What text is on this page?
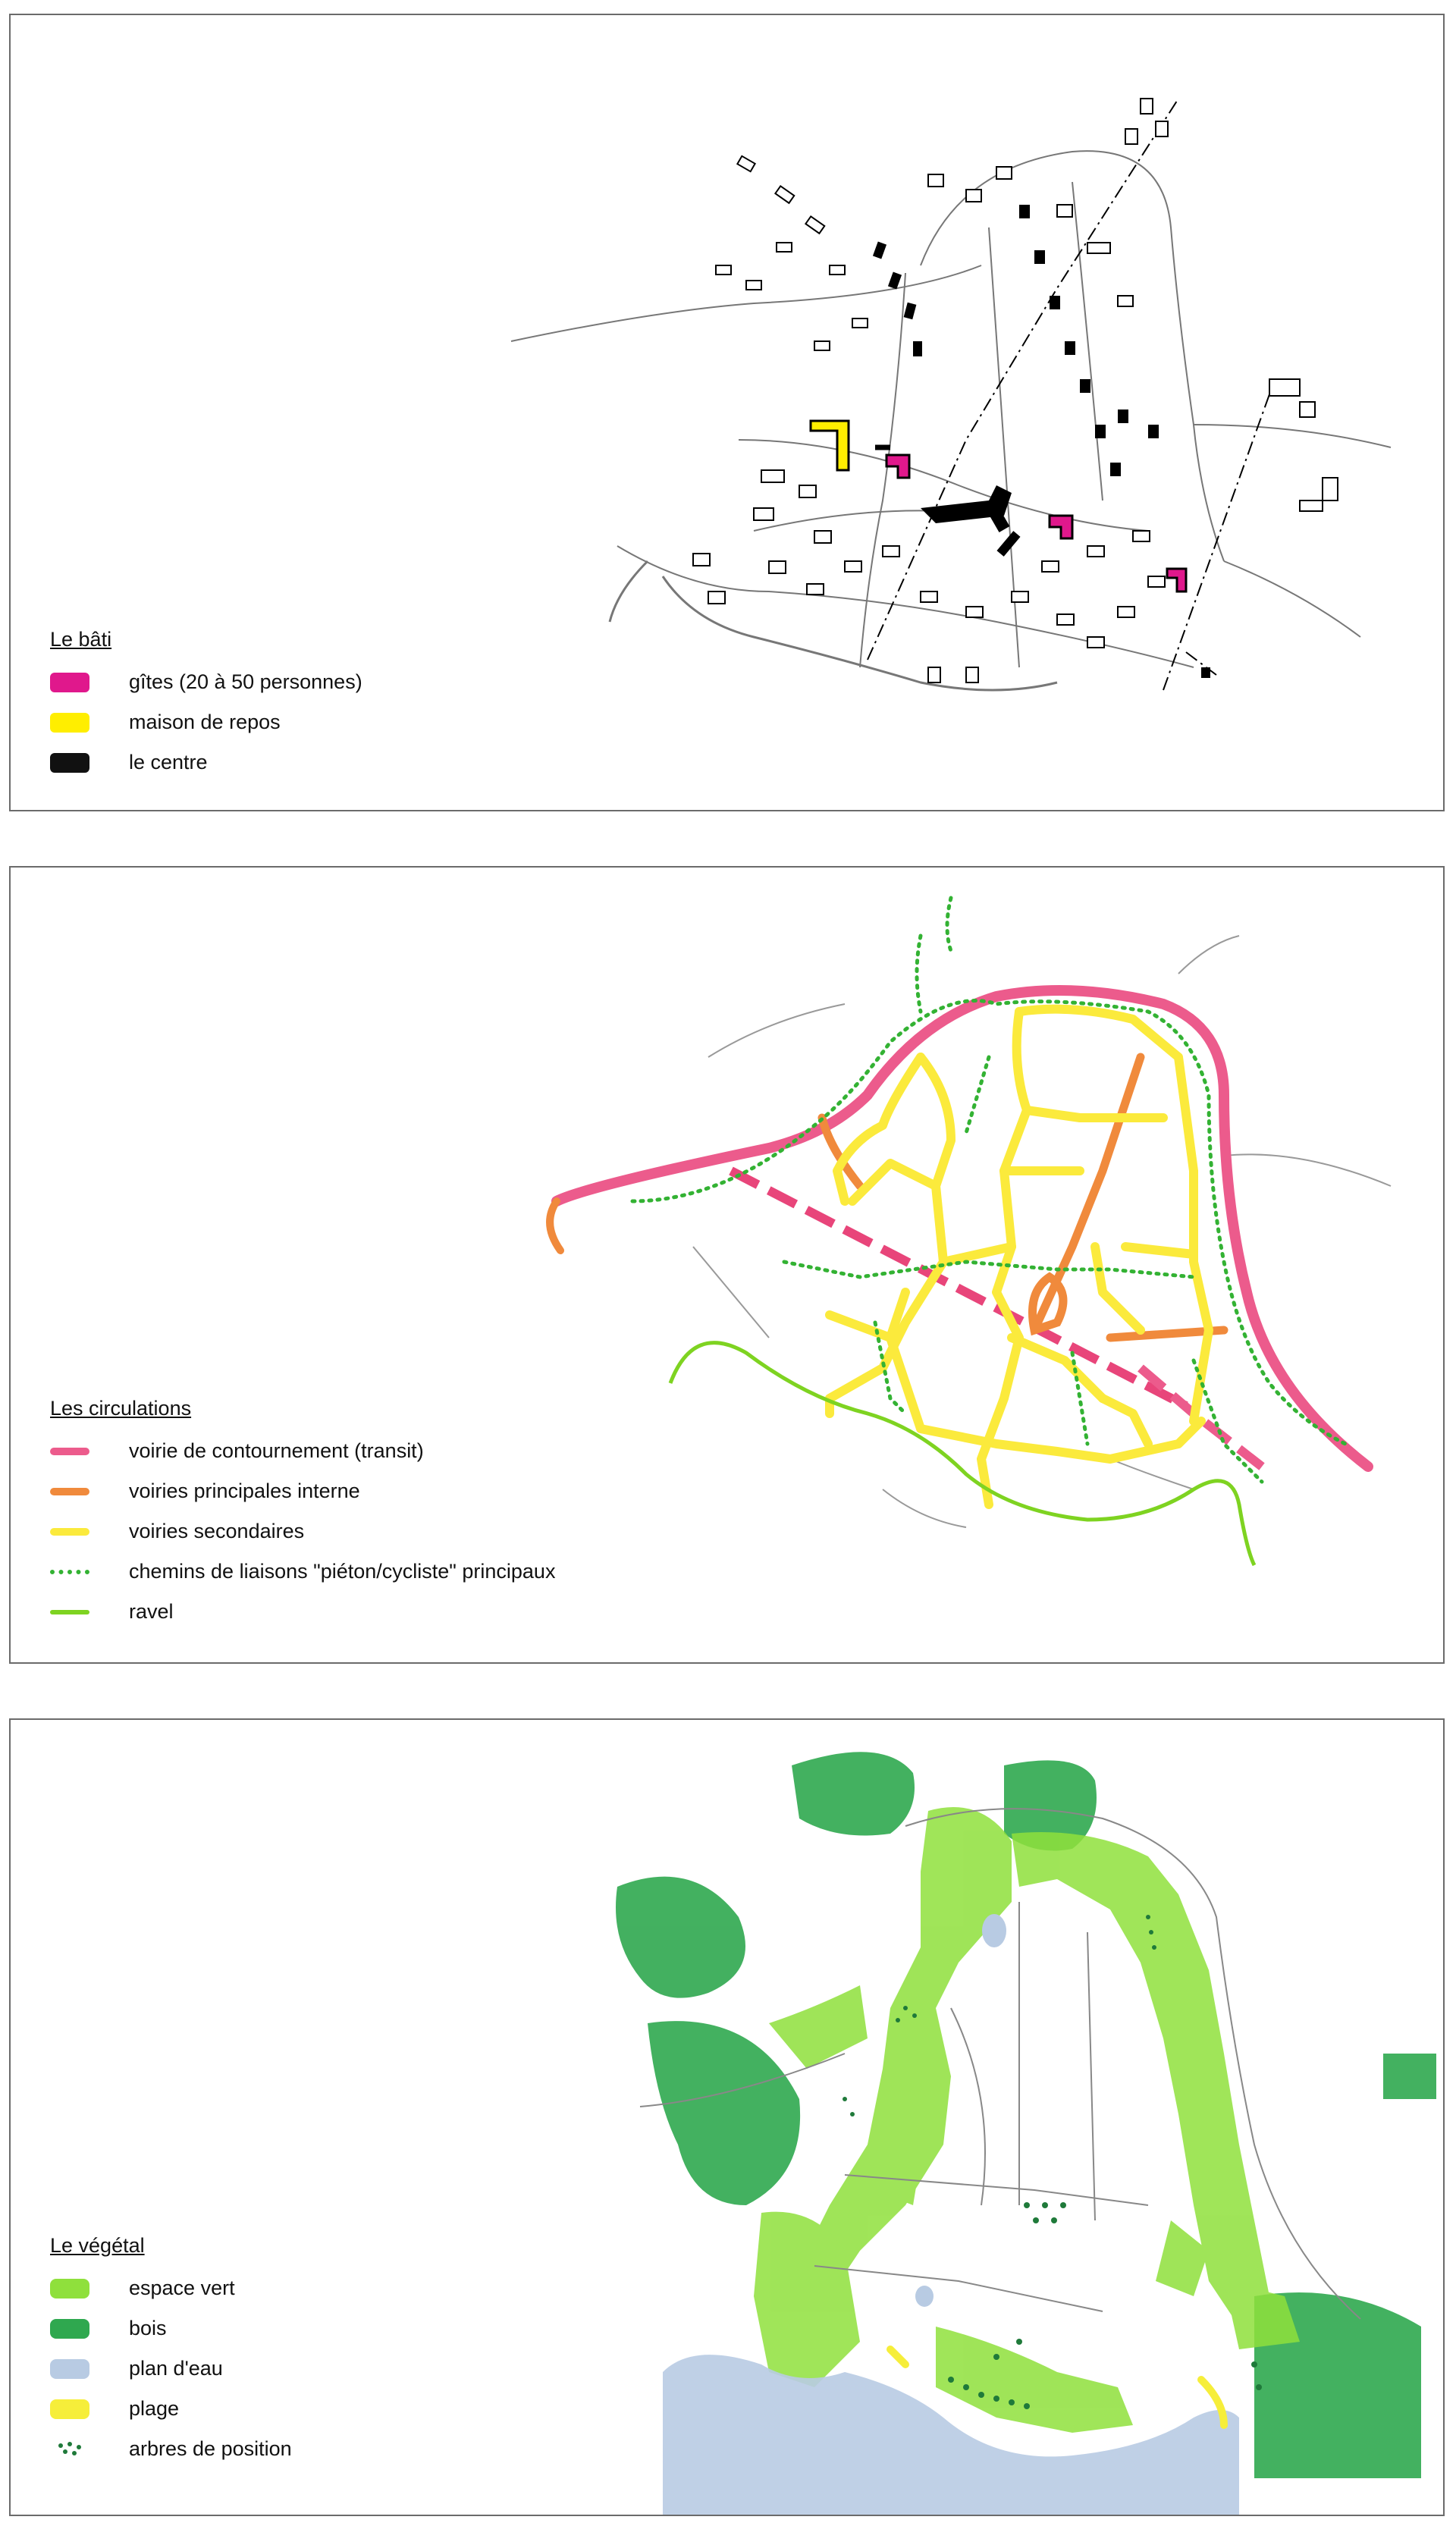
Le bâti
gîtes (20 à 50 personnes)
maison de repos
le centre
Les circulations
voirie de contournement (transit)
voiries principales interne
voiries secondaires
chemins de liaisons "piéton/cycliste" principaux
ravel
Le végétal
espace vert
bois
plan d'eau
plage
arbres de position
